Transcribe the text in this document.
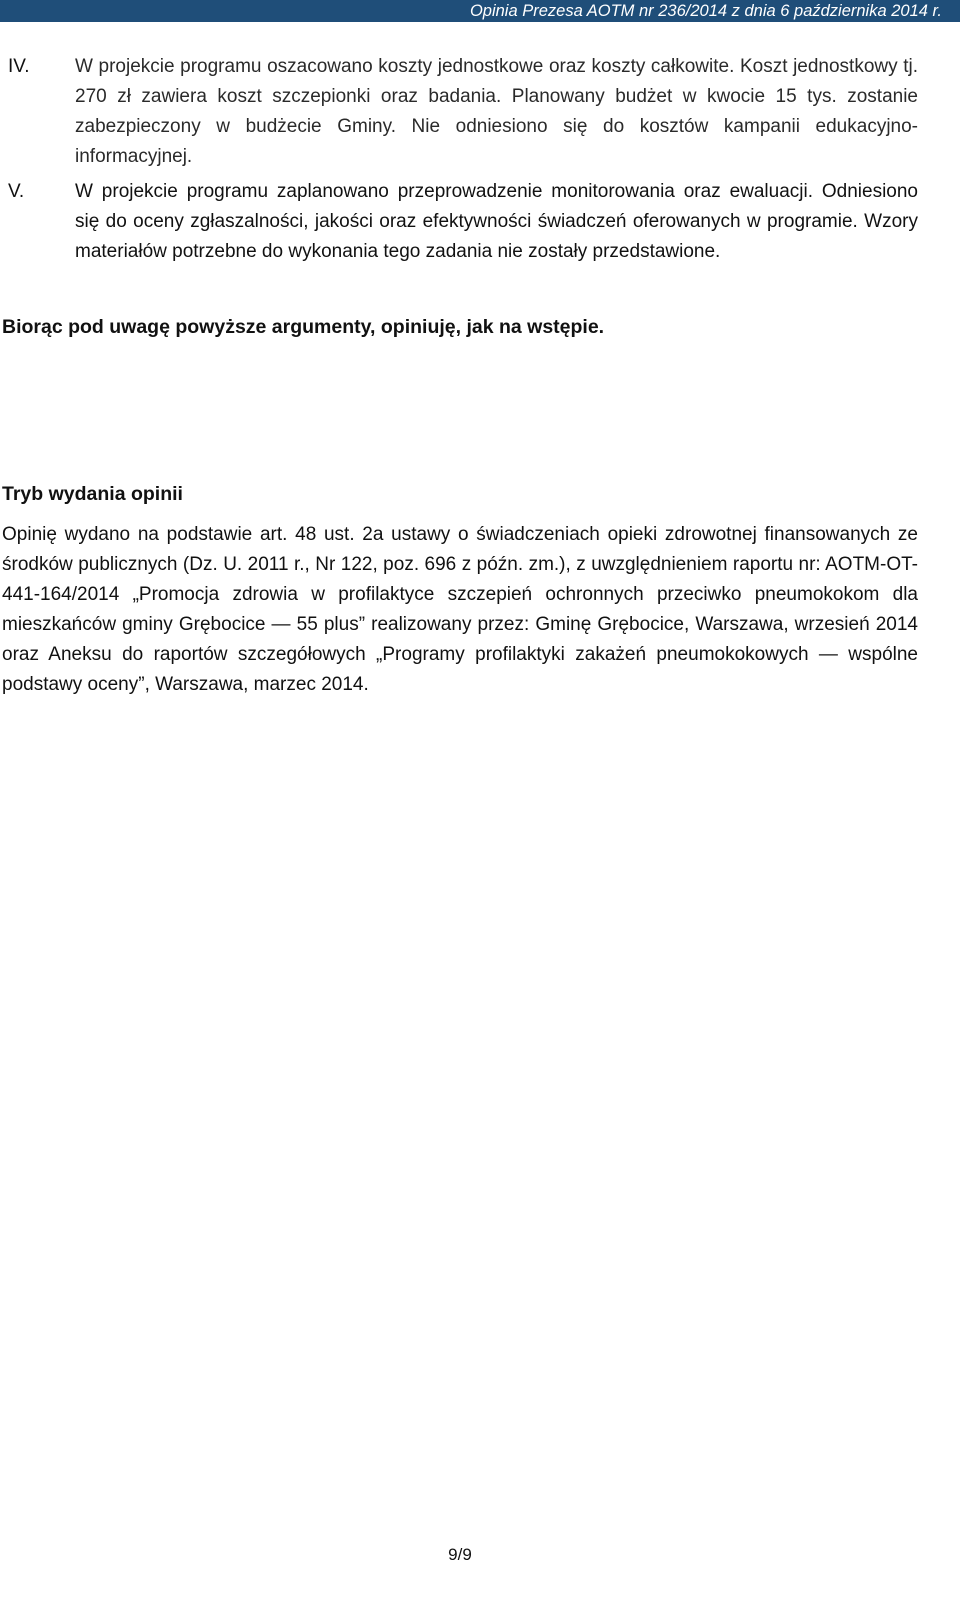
Opinia Prezesa AOTM nr 236/2014 z dnia 6 października 2014 r.
IV. W projekcie programu oszacowano koszty jednostkowe oraz koszty całkowite. Koszt jednostkowy tj. 270 zł zawiera koszt szczepionki oraz badania. Planowany budżet w kwocie 15 tys. zostanie zabezpieczony w budżecie Gminy. Nie odniesiono się do kosztów kampanii edukacyjno-informacyjnej.
V.	W projekcie programu zaplanowano przeprowadzenie monitorowania oraz ewaluacji. Odniesiono się do oceny zgłaszalności, jakości oraz efektywności świadczeń oferowanych w programie. Wzory materiałów potrzebne do wykonania tego zadania nie zostały przedstawione.
Biorąc pod uwagę powyższe argumenty, opiniuję, jak na wstępie.
Tryb wydania opinii
Opinię wydano na podstawie art. 48 ust. 2a ustawy o świadczeniach opieki zdrowotnej finansowanych ze środków publicznych (Dz. U. 2011 r., Nr 122, poz. 696 z późn. zm.), z uwzględnieniem raportu nr: AOTM-OT-441-164/2014 „Promocja zdrowia w profilaktyce szczepień ochronnych przeciwko pneumokokom dla mieszkańców gminy Grębocice — 55 plus” realizowany przez: Gminę Grębocice, Warszawa, wrzesień 2014 oraz Aneksu do raportów szczegółowych „Programy profilaktyki zakażeń pneumokokowych — wspólne podstawy oceny”, Warszawa, marzec 2014.
9/9
